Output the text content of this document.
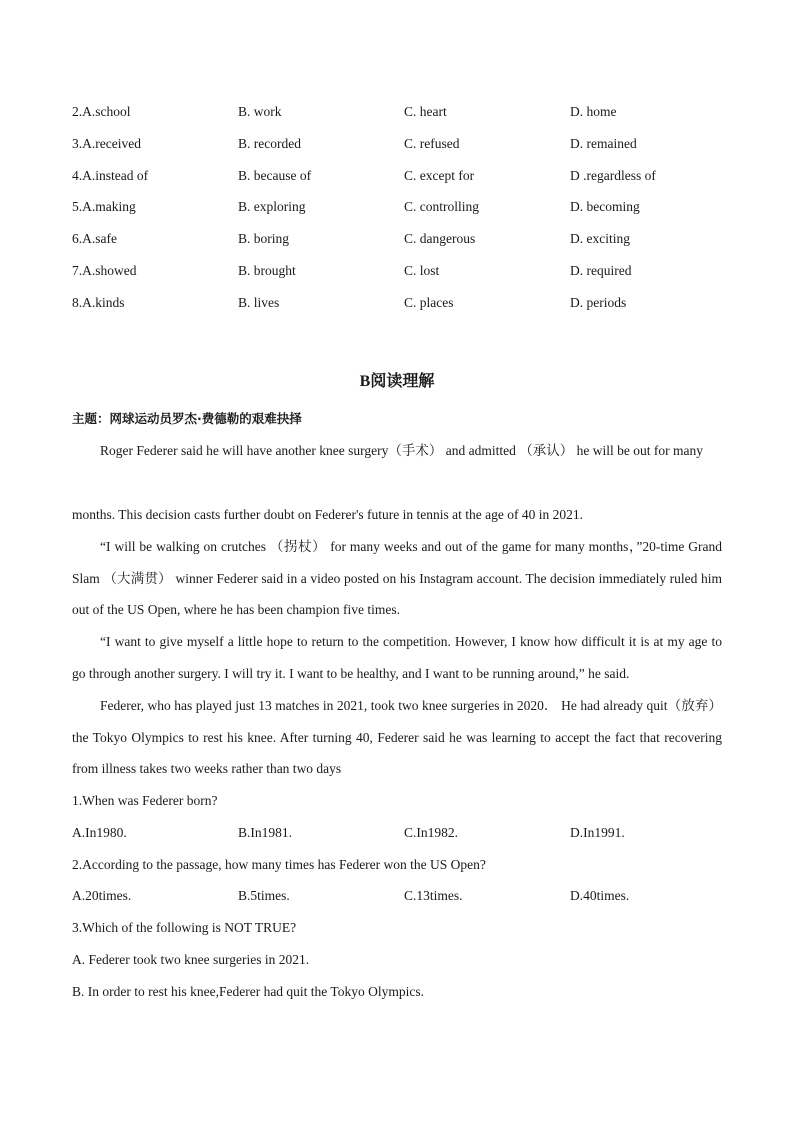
2.A.school	B. work	C. heart	D. home
3.A.received	B. recorded	C. refused	D. remained
4.A.instead of	B. because of	C. except for	D .regardless of
5.A.making	B. exploring	C. controlling	D. becoming
6.A.safe	B. boring	C. dangerous	D. exciting
7.A.showed	B. brought	C. lost	D. required
8.A.kinds	B. lives	C. places	D. periods
B阅读理解
主题：网球运动员罗杰·费德勒的艰难抉择
Roger Federer said he will have another knee surgery（手术） and admitted （承认） he will be out for many
months. This decision casts further doubt on Federer's future in tennis at the age of 40 in 2021.
“I will be walking on crutches （拐杖） for many weeks and out of the game for many months，”20-time Grand Slam （大满贯） winner Federer said in a video posted on his Instagram account. The decision immediately ruled him out of the US Open, where he has been champion five times.
“I want to give myself a little hope to return to the competition. However, I know how difficult it is at my age to go through another surgery. I will try it. I want to be healthy, and I want to be running around,” he said.
Federer, who has played just 13 matches in 2021, took two knee surgeries in 2020． He had already quit（放弃） the Tokyo Olympics to rest his knee. After turning 40, Federer said he was learning to accept the fact that recovering from illness takes two weeks rather than two days
1.When was Federer born?
A.In1980.	B.In1981.	C.In1982.	D.In1991.
2.According to the passage, how many times has Federer won the US Open?
A.20times.	B.5times.	C.13times.	D.40times.
3.Which of the following is NOT TRUE?
A. Federer took two knee surgeries in 2021.
B. In order to rest his knee,Federer had quit the Tokyo Olympics.
